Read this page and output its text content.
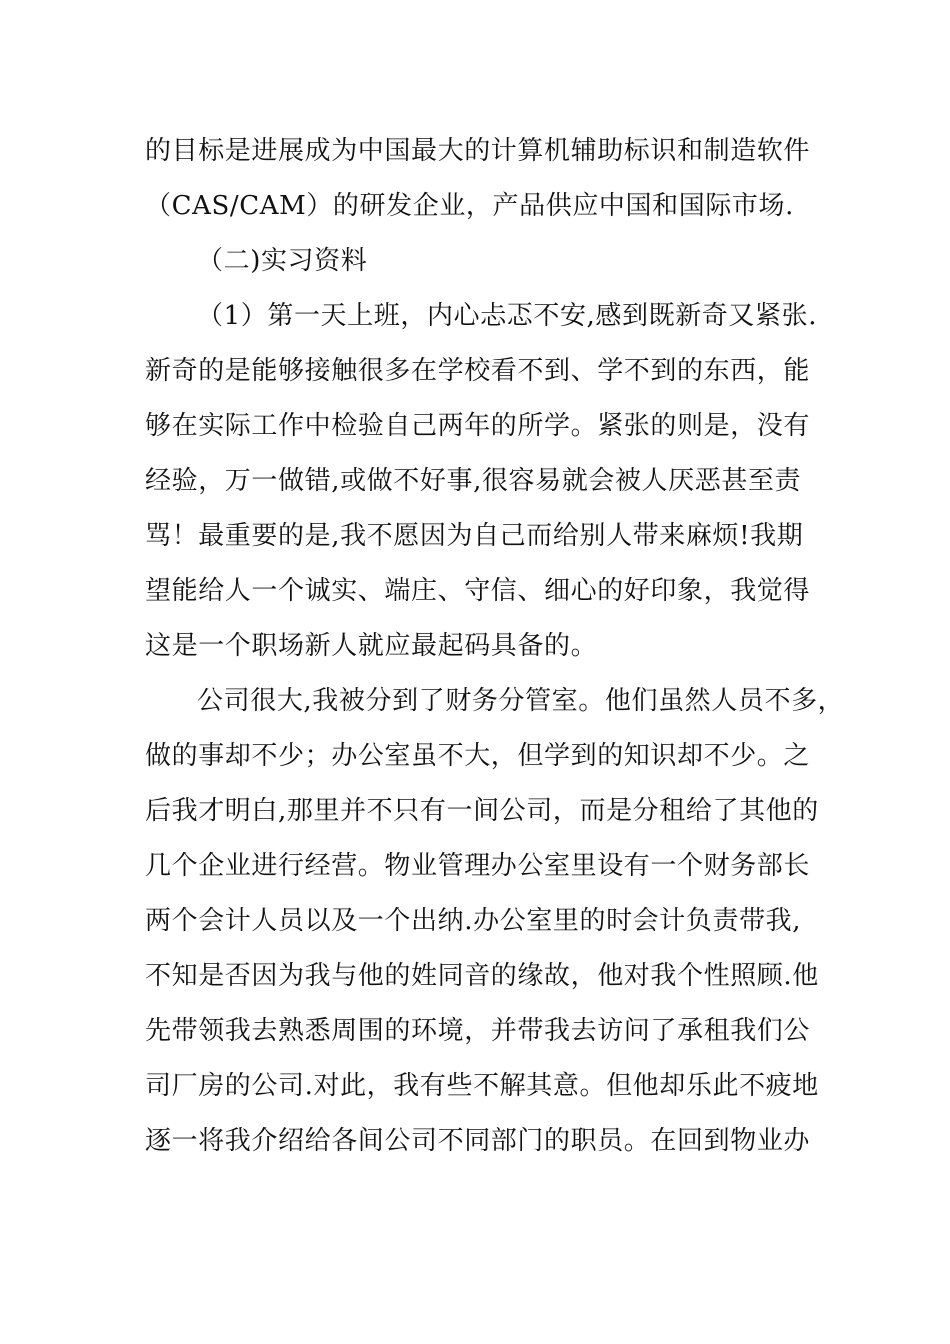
的目标是进展成为中国最大的计算机辅助标识和制造软件
（CAS/CAM）的研发企业，产品供应中国和国际市场.
（二)实习资料
（1）第一天上班，内心忐忑不安,感到既新奇又紧张.
新奇的是能够接触很多在学校看不到、学不到的东西，能
够在实际工作中检验自己两年的所学。紧张的则是，没有
经验，万一做错,或做不好事,很容易就会被人厌恶甚至责
骂！最重要的是,我不愿因为自己而给别人带来麻烦!我期
望能给人一个诚实、端庄、守信、细心的好印象，我觉得
这是一个职场新人就应最起码具备的。
公司很大,我被分到了财务分管室。他们虽然人员不多，
做的事却不少；办公室虽不大，但学到的知识却不少。之
后我才明白,那里并不只有一间公司，而是分租给了其他的
几个企业进行经营。物业管理办公室里设有一个财务部长
两个会计人员以及一个出纳.办公室里的时会计负责带我,
不知是否因为我与他的姓同音的缘故，他对我个性照顾.他
先带领我去熟悉周围的环境，并带我去访问了承租我们公
司厂房的公司.对此，我有些不解其意。但他却乐此不疲地
逐一将我介绍给各间公司不同部门的职员。在回到物业办
